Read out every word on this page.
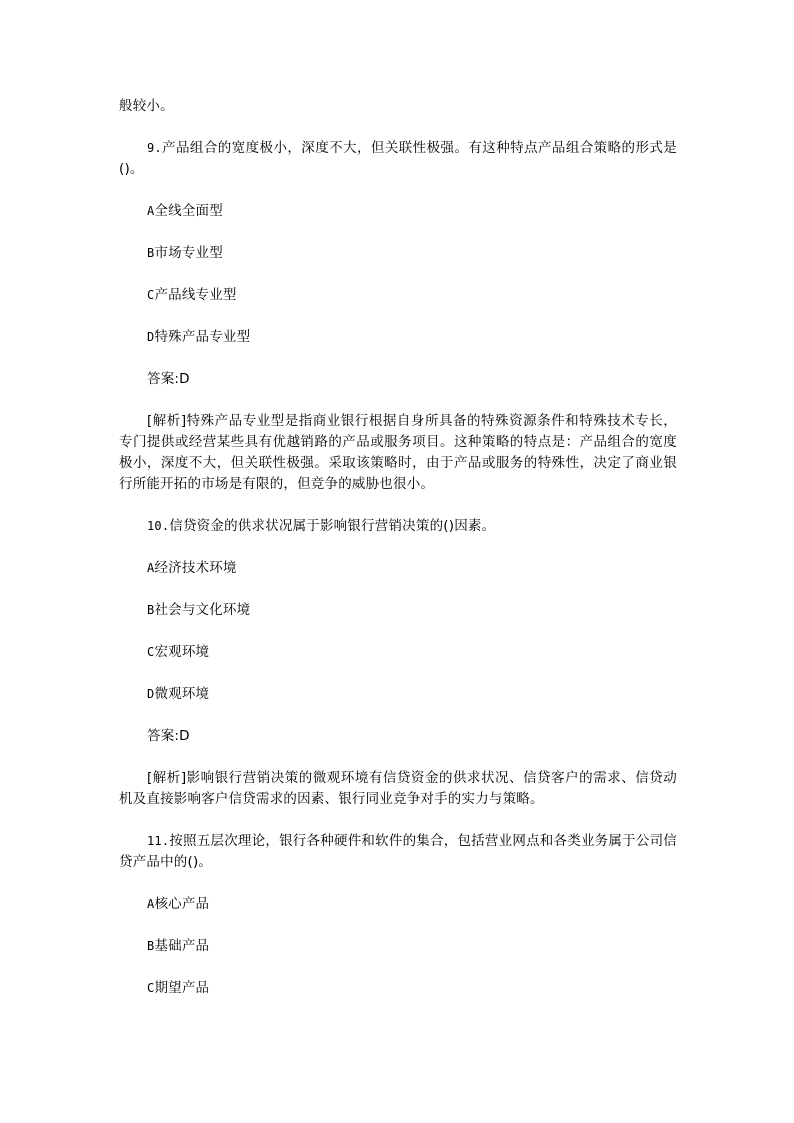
般较小。

9.产品组合的宽度极小，深度不大，但关联性极强。有这种特点产品组合策略的形式是()。

A全线全面型

B市场专业型

C产品线专业型

D特殊产品专业型

答案:D

[解析]特殊产品专业型是指商业银行根据自身所具备的特殊资源条件和特殊技术专长，专门提供或经营某些具有优越销路的产品或服务项目。这种策略的特点是：产品组合的宽度极小，深度不大，但关联性极强。采取该策略时，由于产品或服务的特殊性，决定了商业银行所能开拓的市场是有限的，但竞争的威胁也很小。

10.信贷资金的供求状况属于影响银行营销决策的()因素。

A经济技术环境

B社会与文化环境

C宏观环境

D微观环境

答案:D

[解析]影响银行营销决策的微观环境有信贷资金的供求状况、信贷客户的需求、信贷动机及直接影响客户信贷需求的因素、银行同业竞争对手的实力与策略。

11.按照五层次理论，银行各种硬件和软件的集合，包括营业网点和各类业务属于公司信贷产品中的()。

A核心产品

B基础产品

C期望产品
